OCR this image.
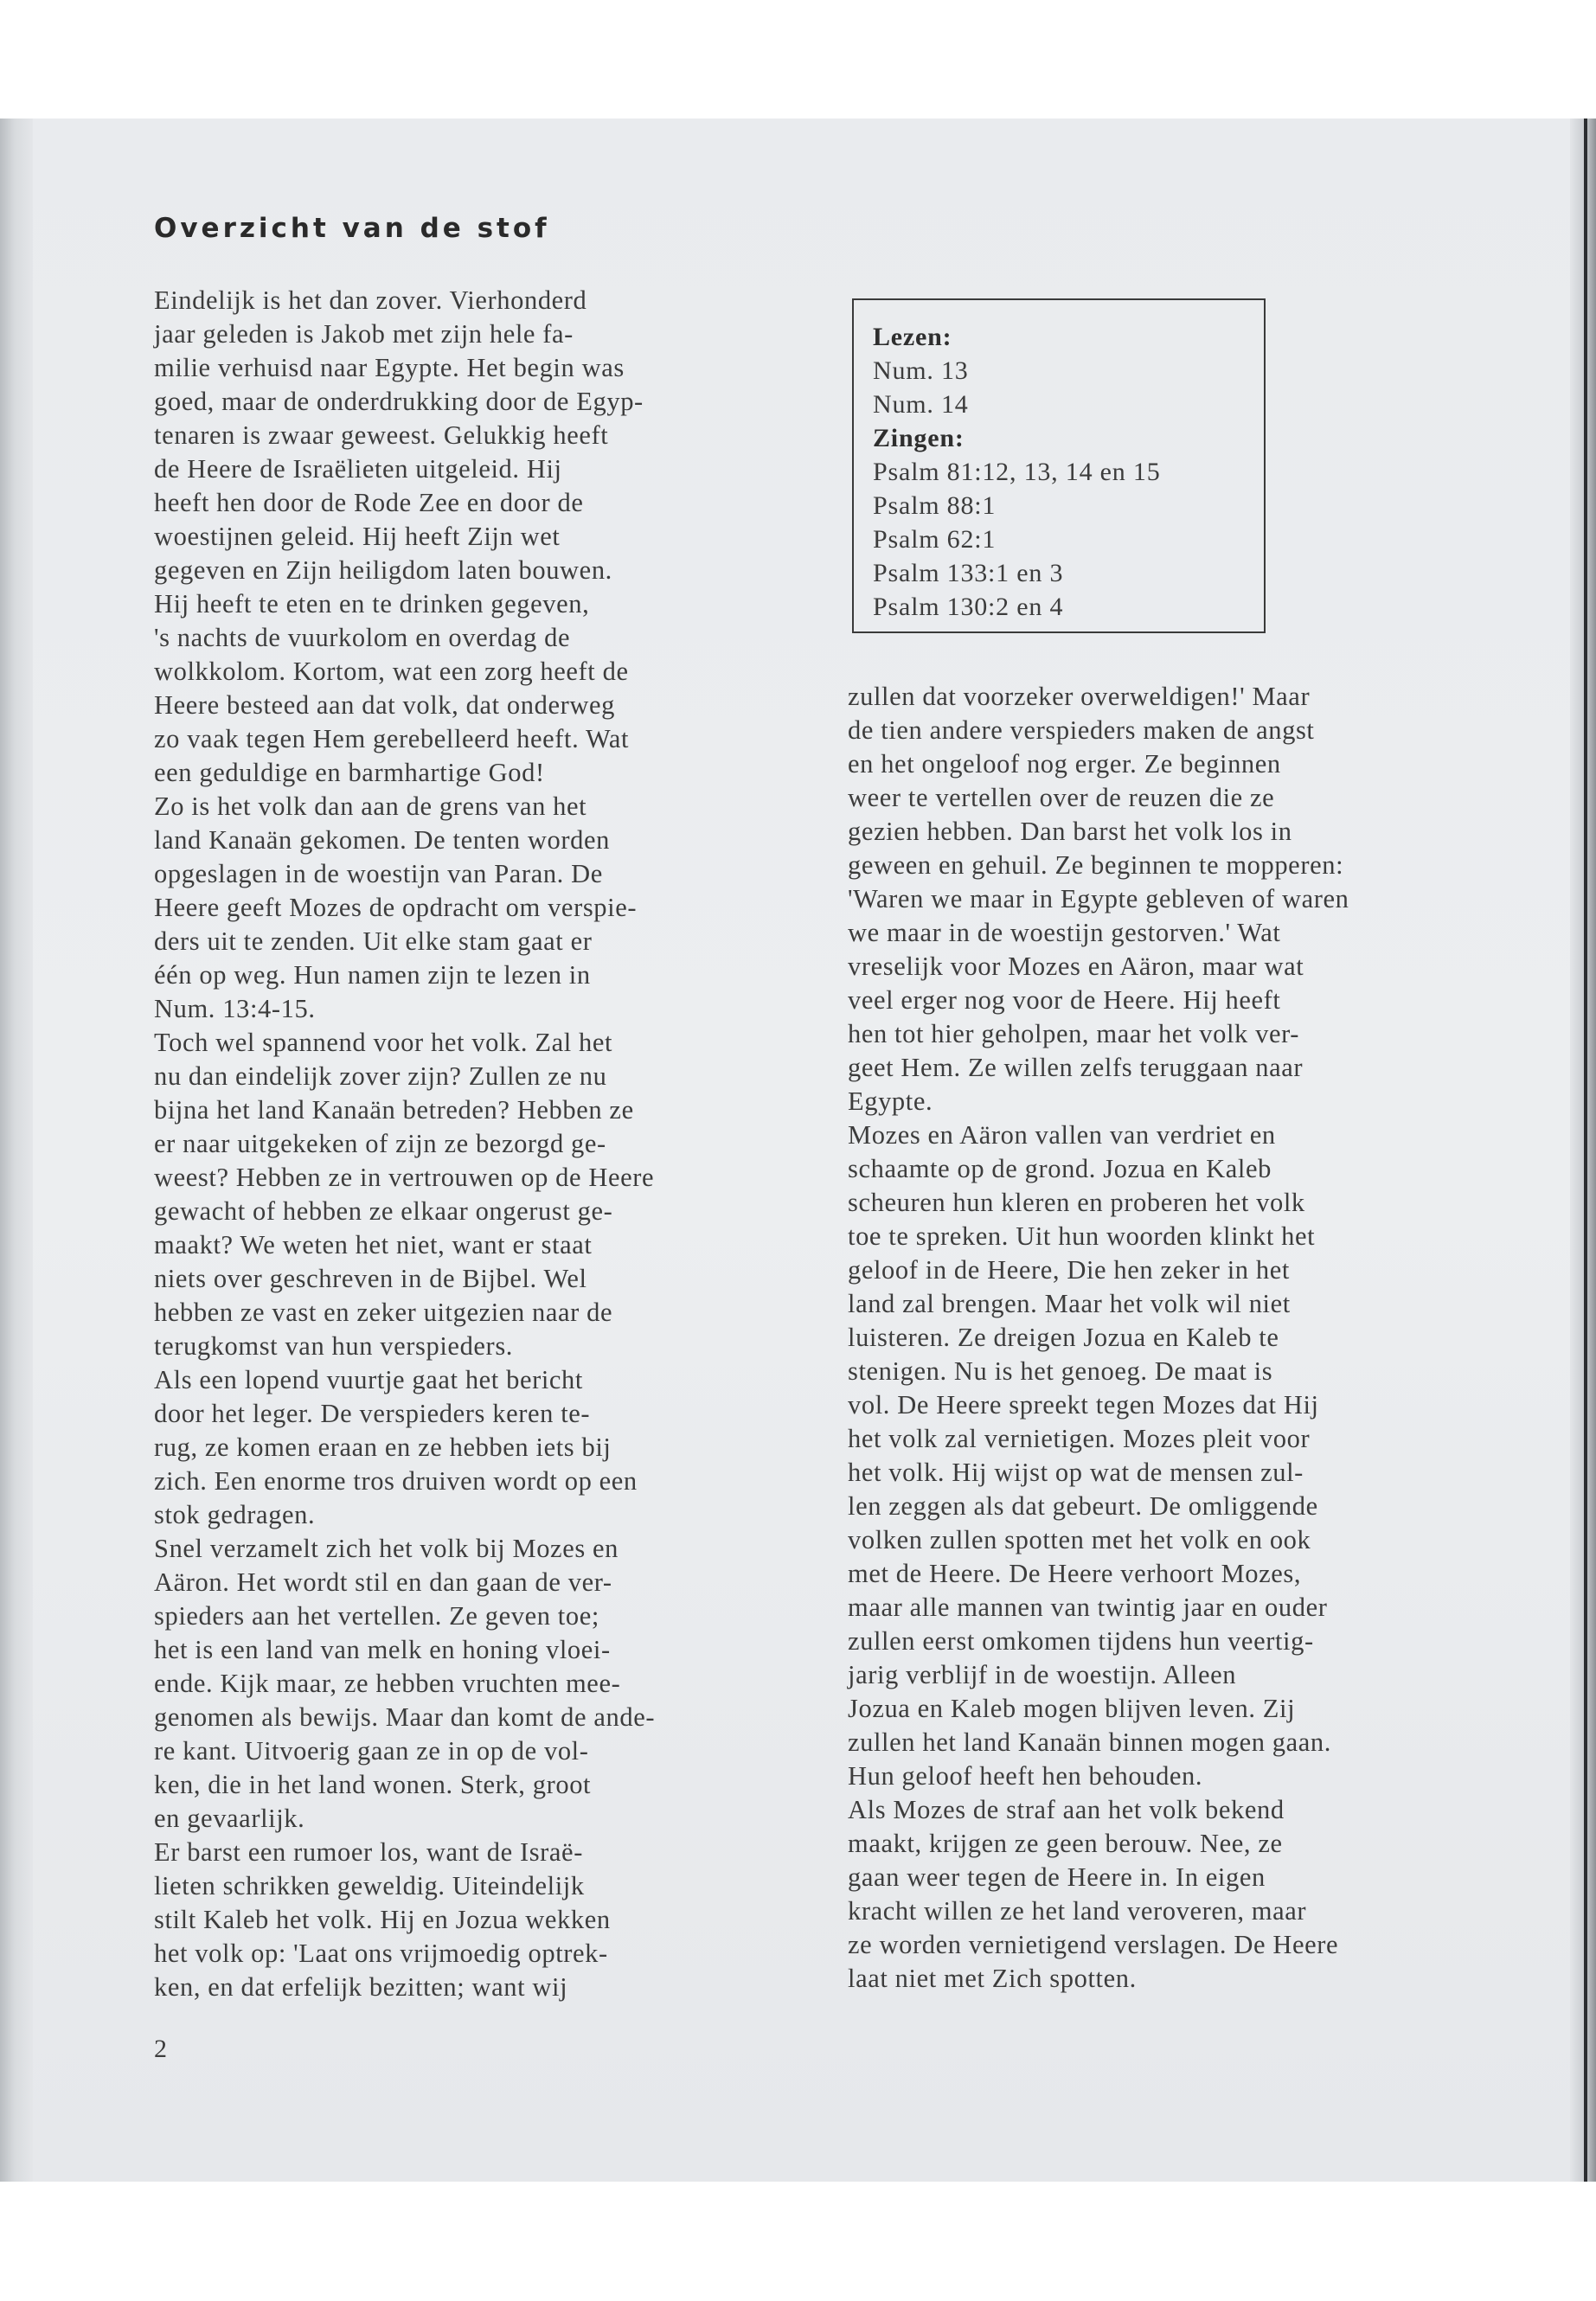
Overzicht van de stof

Eindelijk is het dan zover. Vierhonderd
jaar geleden is Jakob met zijn hele fa-
milie verhuisd naar Egypte. Het begin was
goed, maar de onderdrukking door de Egyp-
tenaren is zwaar geweest. Gelukkig heeft
de Heere de Israëlieten uitgeleid. Hij
heeft hen door de Rode Zee en door de
woestijnen geleid. Hij heeft Zijn wet
gegeven en Zijn heiligdom laten bouwen.
Hij heeft te eten en te drinken gegeven,
's nachts de vuurkolom en overdag de
wolkkolom. Kortom, wat een zorg heeft de
Heere besteed aan dat volk, dat onderweg
zo vaak tegen Hem gerebelleerd heeft. Wat
een geduldige en barmhartige God!
Zo is het volk dan aan de grens van het
land Kanaän gekomen. De tenten worden
opgeslagen in de woestijn van Paran. De
Heere geeft Mozes de opdracht om verspie-
ders uit te zenden. Uit elke stam gaat er
één op weg. Hun namen zijn te lezen in
Num. 13:4-15.
Toch wel spannend voor het volk. Zal het
nu dan eindelijk zover zijn? Zullen ze nu
bijna het land Kanaän betreden? Hebben ze
er naar uitgekeken of zijn ze bezorgd ge-
weest? Hebben ze in vertrouwen op de Heere
gewacht of hebben ze elkaar ongerust ge-
maakt? We weten het niet, want er staat
niets over geschreven in de Bijbel. Wel
hebben ze vast en zeker uitgezien naar de
terugkomst van hun verspieders.
Als een lopend vuurtje gaat het bericht
door het leger. De verspieders keren te-
rug, ze komen eraan en ze hebben iets bij
zich. Een enorme tros druiven wordt op een
stok gedragen.
Snel verzamelt zich het volk bij Mozes en
Aäron. Het wordt stil en dan gaan de ver-
spieders aan het vertellen. Ze geven toe;
het is een land van melk en honing vloei-
ende. Kijk maar, ze hebben vruchten mee-
genomen als bewijs. Maar dan komt de ande-
re kant. Uitvoerig gaan ze in op de vol-
ken, die in het land wonen. Sterk, groot
en gevaarlijk.
Er barst een rumoer los, want de Israë-
lieten schrikken geweldig. Uiteindelijk
stilt Kaleb het volk. Hij en Jozua wekken
het volk op: 'Laat ons vrijmoedig optrek-
ken, en dat erfelijk bezitten; want wij

Lezen:
Num. 13
Num. 14
Zingen:
Psalm 81:12, 13, 14 en 15
Psalm 88:1
Psalm 62:1
Psalm 133:1 en 3
Psalm 130:2 en 4

zullen dat voorzeker overweldigen!' Maar
de tien andere verspieders maken de angst
en het ongeloof nog erger. Ze beginnen
weer te vertellen over de reuzen die ze
gezien hebben. Dan barst het volk los in
geween en gehuil. Ze beginnen te mopperen:
'Waren we maar in Egypte gebleven of waren
we maar in de woestijn gestorven.' Wat
vreselijk voor Mozes en Aäron, maar wat
veel erger nog voor de Heere. Hij heeft
hen tot hier geholpen, maar het volk ver-
geet Hem. Ze willen zelfs teruggaan naar
Egypte.
Mozes en Aäron vallen van verdriet en
schaamte op de grond. Jozua en Kaleb
scheuren hun kleren en proberen het volk
toe te spreken. Uit hun woorden klinkt het
geloof in de Heere, Die hen zeker in het
land zal brengen. Maar het volk wil niet
luisteren. Ze dreigen Jozua en Kaleb te
stenigen. Nu is het genoeg. De maat is
vol. De Heere spreekt tegen Mozes dat Hij
het volk zal vernietigen. Mozes pleit voor
het volk. Hij wijst op wat de mensen zul-
len zeggen als dat gebeurt. De omliggende
volken zullen spotten met het volk en ook
met de Heere. De Heere verhoort Mozes,
maar alle mannen van twintig jaar en ouder
zullen eerst omkomen tijdens hun veertig-
jarig verblijf in de woestijn. Alleen
Jozua en Kaleb mogen blijven leven. Zij
zullen het land Kanaän binnen mogen gaan.
Hun geloof heeft hen behouden.
Als Mozes de straf aan het volk bekend
maakt, krijgen ze geen berouw. Nee, ze
gaan weer tegen de Heere in. In eigen
kracht willen ze het land veroveren, maar
ze worden vernietigend verslagen. De Heere
laat niet met Zich spotten.

2
